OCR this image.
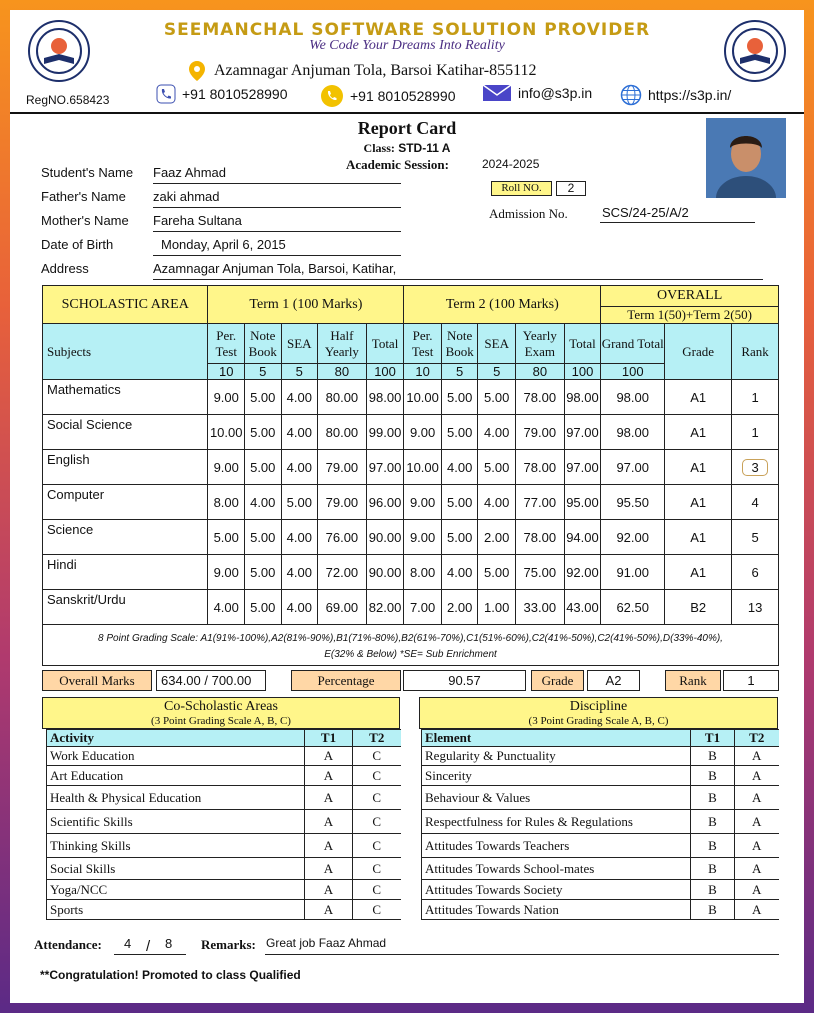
SEEMANCHAL SOFTWARE SOLUTION PROVIDER
We Code Your Dreams Into Reality
Azamnagar Anjuman Tola, Barsoi Katihar-855112
RegNO.658423	+91 8010528990	+91 8010528990	info@s3p.in	https://s3p.in/
Report Card
Class: STD-11 A
Academic Session:	2024-2025
Student's Name Faaz Ahmad
Father's Name zaki ahmad
Mother's Name Fareha Sultana
Date of Birth	Monday, April 6, 2015
Address	Azamnagar Anjuman Tola, Barsoi, Katihar,
Roll NO.	2
Admission No.	SCS/24-25/A/2
SCHOLASTIC AREA	Term 1 (100 Marks)					Term 2 (100 Marks)					OVERALL		
											Term 1(50)+Term 2(50)		
Subjects	Per. Test	Note Book	SEA	Half Yearly	Total	Per. Test	Note Book	SEA	Yearly Exam	Total	Grand Total	Grade	Rank
	10	5	5	80	100	10	5	5	80	100	100		
Mathematics	9.00	5.00	4.00	80.00	98.00	10.00	5.00	5.00	78.00	98.00	98.00	A1	1
Social Science	10.00	5.00	4.00	80.00	99.00	9.00	5.00	4.00	79.00	97.00	98.00	A1	1
English	9.00	5.00	4.00	79.00	97.00	10.00	4.00	5.00	78.00	97.00	97.00	A1	3
Computer	8.00	4.00	5.00	79.00	96.00	9.00	5.00	4.00	77.00	95.00	95.50	A1	4
Science	5.00	5.00	4.00	76.00	90.00	9.00	5.00	2.00	78.00	94.00	92.00	A1	5
Hindi	9.00	5.00	4.00	72.00	90.00	8.00	4.00	5.00	75.00	92.00	91.00	A1	6
Sanskrit/Urdu	4.00	5.00	4.00	69.00	82.00	7.00	2.00	1.00	33.00	43.00	62.50	B2	13
8 Point Grading Scale: A1(91%-100%),A2(81%-90%),B1(71%-80%),B2(61%-70%),C1(51%-60%),C2(41%-50%),C2(41%-50%),D(33%-40%),
E(32% & Below) *SE= Sub Enrichment
Overall Marks	634.00 / 700.00	Percentage	90.57	Grade	A2	Rank	1
Co-Scholastic Areas
(3 Point Grading Scale A, B, C)
Activity	T1	T2
Work Education	A	C
Art Education	A	C
Health & Physical Education	A	C
Scientific Skills	A	C
Thinking Skills	A	C
Social Skills	A	C
Yoga/NCC	A	C
Sports	A	C
Discipline
(3 Point Grading Scale A, B, C)
Element	T1	T2
Regularity & Punctuality	B	A
Sincerity	B	A
Behaviour & Values	B	A
Respectfulness for Rules & Regulations	B	A
Attitudes Towards Teachers	B	A
Attitudes Towards School-mates	B	A
Attitudes Towards Society	B	A
Attitudes Towards Nation	B	A
Attendance: 4 / 8 Remarks: Great job Faaz Ahmad
**Congratulation! Promoted to class Qualified
